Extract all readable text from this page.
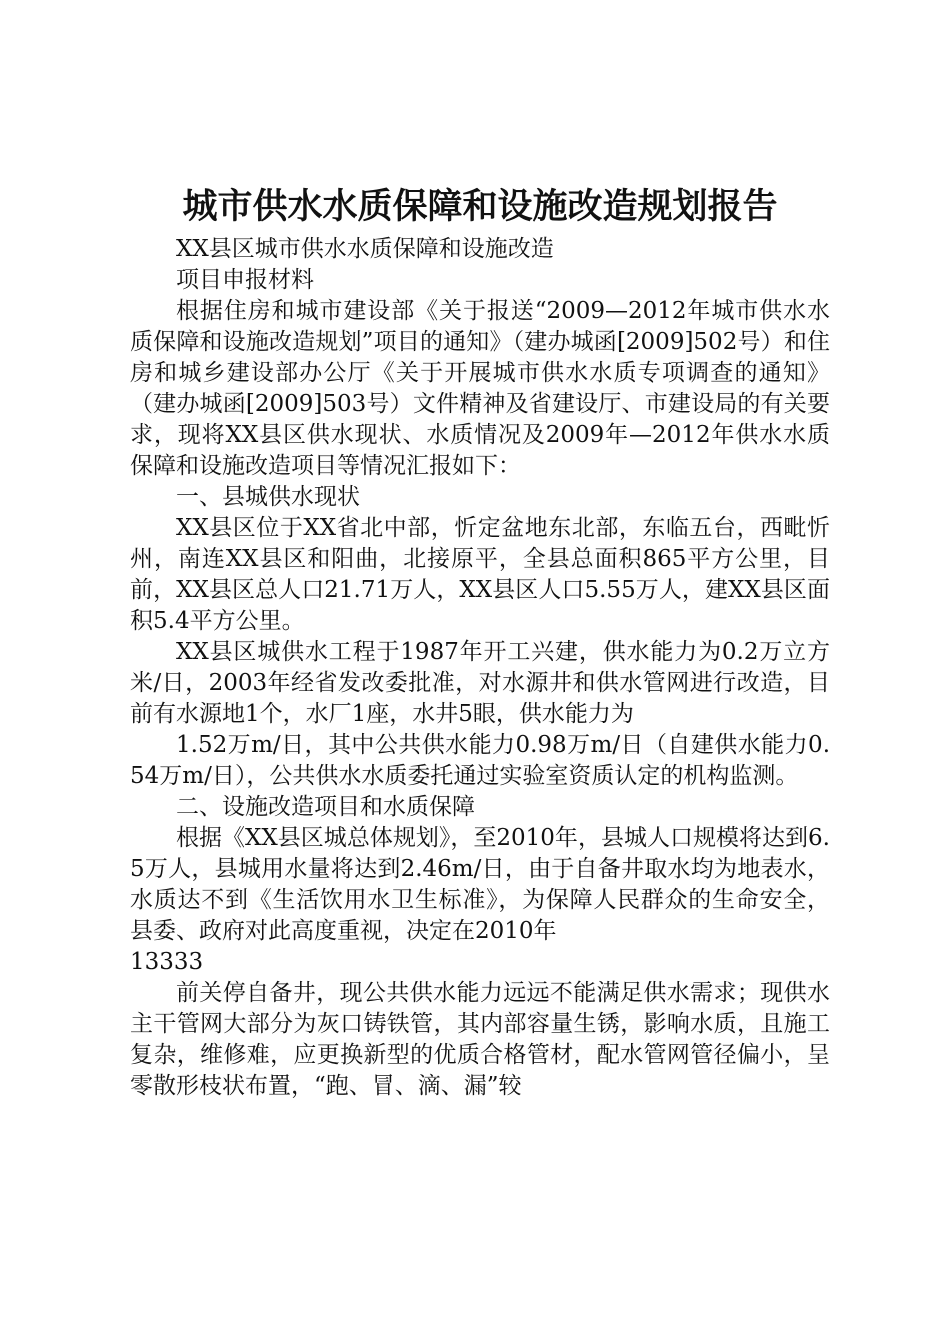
城市供水水质保障和设施改造规划报告

XX县区城市供水水质保障和设施改造

项目申报材料

根据住房和城市建设部《关于报送“2009—2012年城市供水水质保障和设施改造规划”项目的通知》（建办城函[2009]502号）和住房和城乡建设部办公厅《关于开展城市供水水质专项调查的通知》（建办城函[2009]503号）文件精神及省建设厅、市建设局的有关要求，现将XX县区供水现状、水质情况及2009年—2012年供水水质保障和设施改造项目等情况汇报如下：

一、县城供水现状

XX县区位于XX省北中部，忻定盆地东北部，东临五台，西毗忻州，南连XX县区和阳曲，北接原平，全县总面积865平方公里，目前，XX县区总人口21.71万人，XX县区人口5.55万人，建XX县区面积5.4平方公里。

XX县区城供水工程于1987年开工兴建，供水能力为0.2万立方米/日，2003年经省发改委批准，对水源井和供水管网进行改造，目前有水源地1个，水厂1座，水井5眼，供水能力为

1.52万m/日，其中公共供水能力0.98万m/日（自建供水能力0.54万m/日），公共供水水质委托通过实验室资质认定的机构监测。

二、设施改造项目和水质保障

根据《XX县区城总体规划》，至2010年，县城人口规模将达到6.5万人，县城用水量将达到2.46m/日，由于自备井取水均为地表水，水质达不到《生活饮用水卫生标准》，为保障人民群众的生命安全，县委、政府对此高度重视，决定在2010年

13333

前关停自备井，现公共供水能力远远不能满足供水需求；现供水主干管网大部分为灰口铸铁管，其内部容量生锈，影响水质，且施工复杂，维修难，应更换新型的优质合格管材，配水管网管径偏小，呈零散形枝状布置，“跑、冒、滴、漏”较
